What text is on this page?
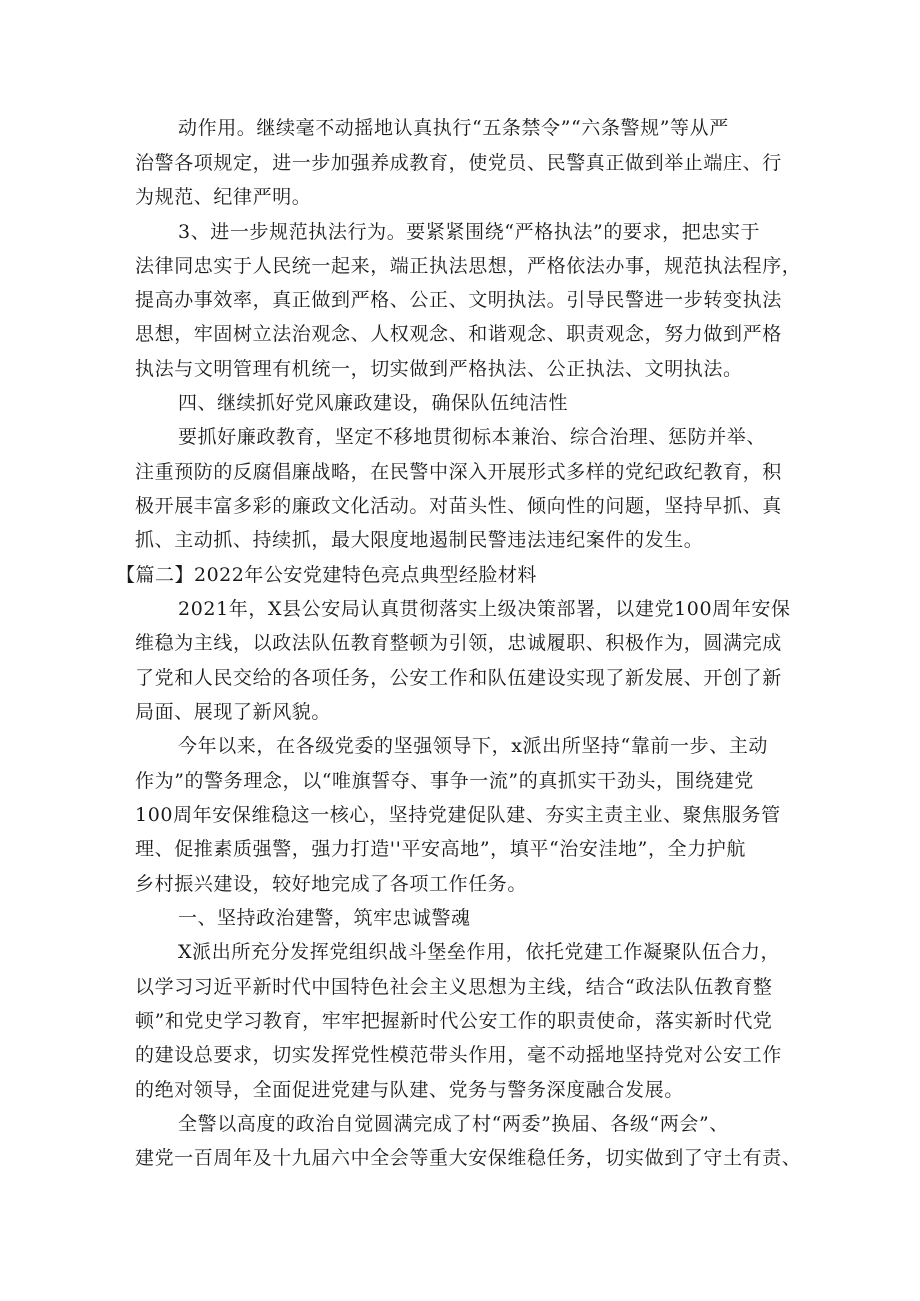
动作用。继续毫不动摇地认真执行“五条禁令”“六条警规”等从严
治警各项规定，进一步加强养成教育，使党员、民警真正做到举止端庄、行
为规范、纪律严明。
3、进一步规范执法行为。要紧紧围绕“严格执法”的要求，把忠实于
法律同忠实于人民统一起来，端正执法思想，严格依法办事，规范执法程序，
提高办事效率，真正做到严格、公正、文明执法。引导民警进一步转变执法
思想，牢固树立法治观念、人权观念、和谐观念、职责观念，努力做到严格
执法与文明管理有机统一，切实做到严格执法、公正执法、文明执法。
四、继续抓好党风廉政建设，确保队伍纯洁性
要抓好廉政教育，坚定不移地贯彻标本兼治、综合治理、惩防并举、
注重预防的反腐倡廉战略，在民警中深入开展形式多样的党纪政纪教育，积
极开展丰富多彩的廉政文化活动。对苗头性、倾向性的问题，坚持早抓、真
抓、主动抓、持续抓，最大限度地遏制民警违法违纪案件的发生。
【篇二】2022年公安党建特色亮点典型经脸材料
2021年，X县公安局认真贯彻落实上级决策部署，以建党100周年安保
维稳为主线，以政法队伍教育整顿为引领，忠诚履职、积极作为，圆满完成
了党和人民交给的各项任务，公安工作和队伍建设实现了新发展、开创了新
局面、展现了新风貌。
今年以来，在各级党委的坚强领导下，x派出所坚持“靠前一步、主动
作为”的警务理念，以“唯旗誓夺、事争一流”的真抓实干劲头，围绕建党
100周年安保维稳这一核心，坚持党建促队建、夯实主责主业、聚焦服务管
理、促推素质强警，强力打造''平安高地”，填平“治安洼地”，全力护航
乡村振兴建设，较好地完成了各项工作任务。
一、坚持政治建警，筑牢忠诚警魂
X派出所充分发挥党组织战斗堡垒作用，依托党建工作凝聚队伍合力，
以学习习近平新时代中国特色社会主义思想为主线，结合“政法队伍教育整
顿”和党史学习教育，牢牢把握新时代公安工作的职责使命，落实新时代党
的建设总要求，切实发挥党性模范带头作用，毫不动摇地坚持党对公安工作
的绝对领导，全面促进党建与队建、党务与警务深度融合发展。
全警以高度的政治自觉圆满完成了村“两委”换届、各级“两会”、
建党一百周年及十九届六中全会等重大安保维稳任务，切实做到了守土有责、
